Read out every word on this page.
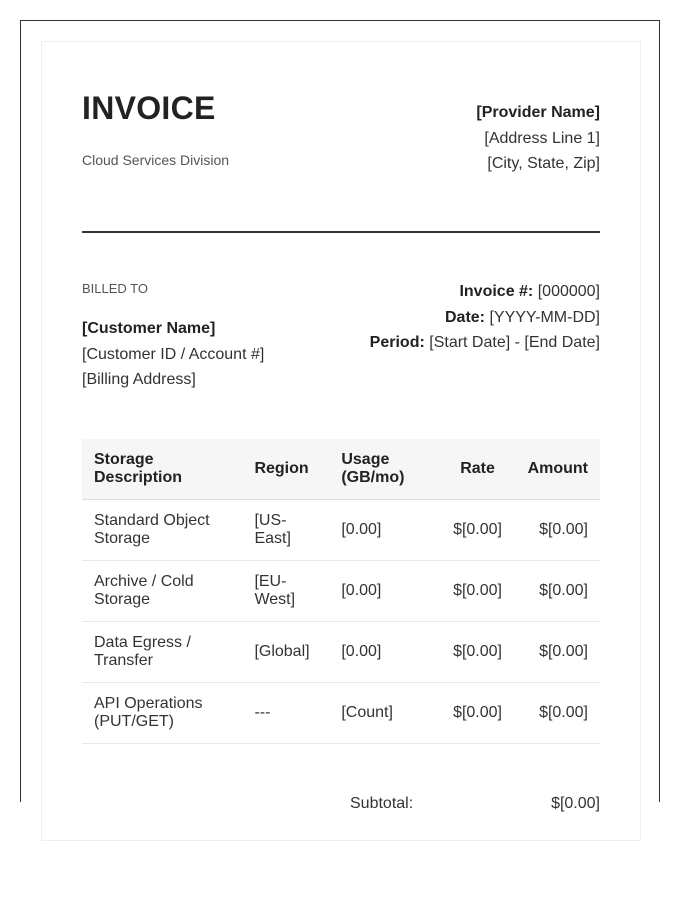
INVOICE
Cloud Services Division
[Provider Name]
[Address Line 1]
[City, State, Zip]
BILLED TO
[Customer Name]
[Customer ID / Account #]
[Billing Address]
Invoice #: [000000]
Date: [YYYY-MM-DD]
Period: [Start Date] - [End Date]
Storage Description	Region	Usage (GB/mo)	Rate	Amount
Standard Object Storage	[US-East]	[0.00]	$[0.00]	$[0.00]
Archive / Cold Storage	[EU-West]	[0.00]	$[0.00]	$[0.00]
Data Egress / Transfer	[Global]	[0.00]	$[0.00]	$[0.00]
API Operations (PUT/GET)	---	[Count]	$[0.00]	$[0.00]
Subtotal:	$[0.00]
